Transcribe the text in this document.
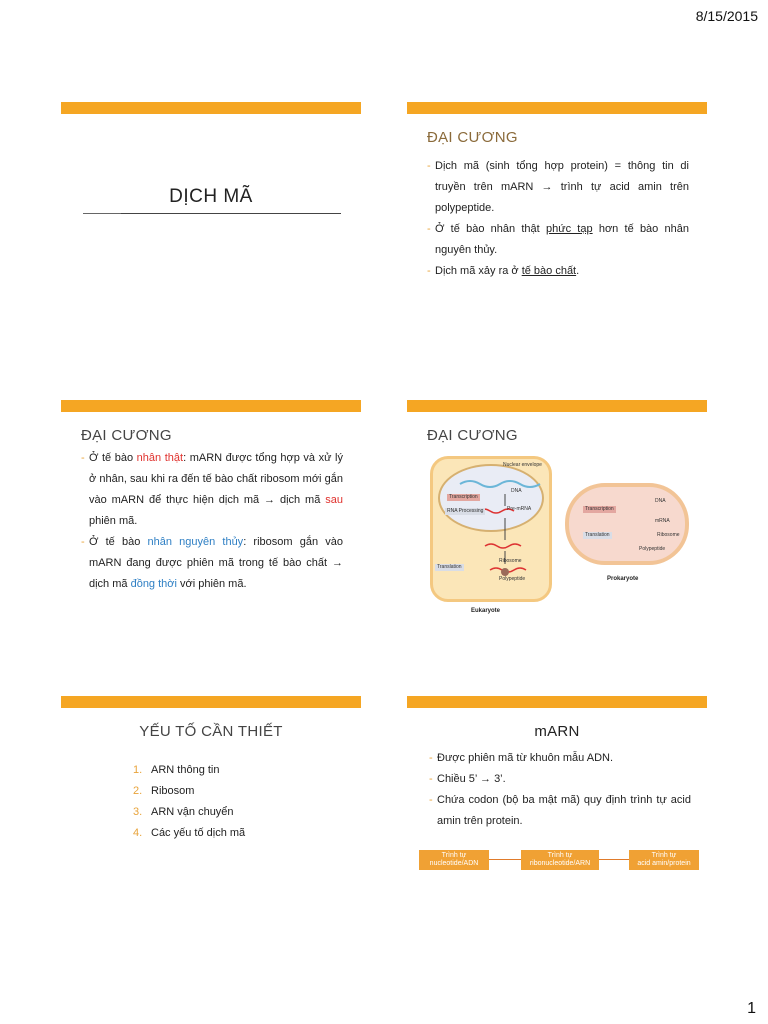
8/15/2015
DỊCH MÃ
ĐẠI CƯƠNG

- Dịch mã (sinh tổng hợp protein) = thông tin di truyền trên mARN → trình tự acid amin trên polypeptide.

- Ở tế bào nhân thật phức tạp hơn tế bào nhân nguyên thủy.

- Dịch mã xảy ra ở tế bào chất.

ĐẠI CƯƠNG

- Ở tế bào nhân thật: mARN được tổng hợp và xử lý ở nhân, sau khi ra đến tế bào chất ribosom mới gắn vào mARN để thực hiện dịch mã → dịch mã sau phiên mã.

- Ở tế bào nhân nguyên thủy: ribosom gắn vào mARN đang được phiên mã trong tế bào chất → dịch mã đồng thời với phiên mã.

ĐẠI CƯƠNG
Nuclear envelope
DNA
Transcription
RNA Processing	Pre-mRNA
Translation
Ribosome
Polypeptide
Eukaryote
Transcription
DNA
mRNA
Translation	Ribosome
Polypeptide
Prokaryote
YẾU TỐ CẦN THIẾT
1. ARN thông tin
2. Ribosom
3. ARN vận chuyển
4. Các yếu tố dịch mã
mARN

- Được phiên mã từ khuôn mẫu ADN.

- Chiều 5’ → 3’.

- Chứa codon (bộ ba mật mã) quy định trình tự acid amin trên protein.

Trình tự
nucleotide/ADN
Trình tự
ribonucleotide/ARN
Trình tự
acid amin/protein
1
